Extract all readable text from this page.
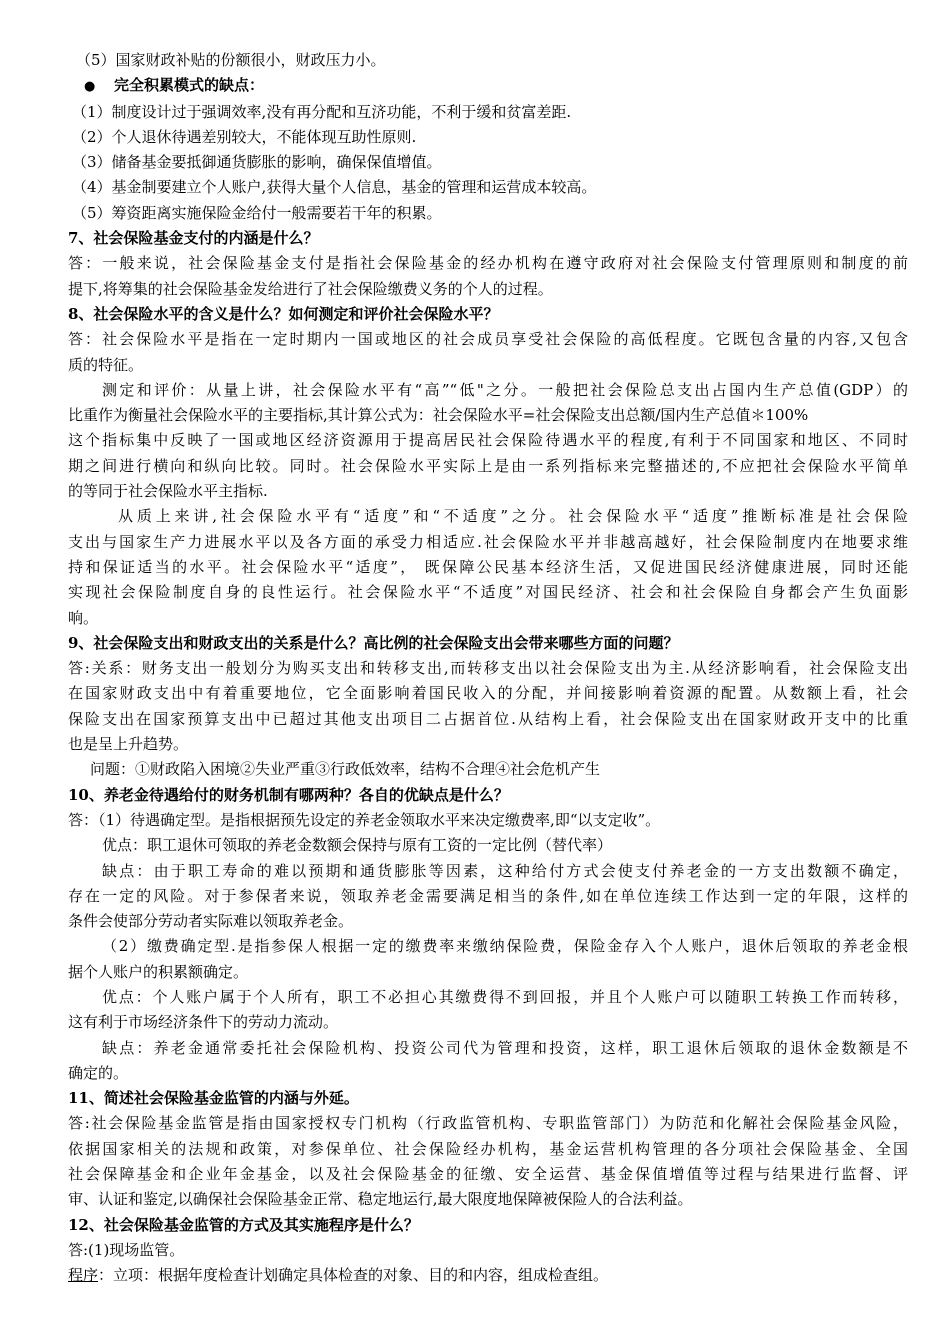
（5）国家财政补贴的份额很小，财政压力小。
● 完全积累模式的缺点：
（1）制度设计过于强调效率,没有再分配和互济功能，不利于缓和贫富差距.
（2）个人退休待遇差别较大，不能体现互助性原则.
（3）储备基金要抵御通货膨胀的影响，确保保值增值。
（4）基金制要建立个人账户,获得大量个人信息，基金的管理和运营成本较高。
（5）筹资距离实施保险金给付一般需要若干年的积累。
7、社会保险基金支付的内涵是什么？
答：一般来说，社会保险基金支付是指社会保险基金的经办机构在遵守政府对社会保险支付管理原则和制度的前
提下,将筹集的社会保险基金发给进行了社会保险缴费义务的个人的过程。
8、社会保险水平的含义是什么？如何测定和评价社会保险水平？
答：社会保险水平是指在一定时期内一国或地区的社会成员享受社会保险的高低程度。它既包含量的内容,又包含
质的特征。
测定和评价：从量上讲，社会保险水平有“高”“低"之分。一般把社会保险总支出占国内生产总值(GDP）的
比重作为衡量社会保险水平的主要指标,其计算公式为：社会保险水平=社会保险支出总额/国内生产总值＊100%
这个指标集中反映了一国或地区经济资源用于提高居民社会保险待遇水平的程度,有利于不同国家和地区、不同时
期之间进行横向和纵向比较。同时。社会保险水平实际上是由一系列指标来完整描述的,不应把社会保险水平简单
的等同于社会保险水平主指标.
从质上来讲,社会保险水平有“适度”和“不适度”之分。社会保险水平“适度”推断标准是社会保险
支出与国家生产力进展水平以及各方面的承受力相适应.社会保险水平并非越高越好，社会保险制度内在地要求维
持和保证适当的水平。社会保险水平“适度”， 既保障公民基本经济生活，又促进国民经济健康进展，同时还能
实现社会保险制度自身的良性运行。社会保险水平“不适度”对国民经济、社会和社会保险自身都会产生负面影
响。
9、社会保险支出和财政支出的关系是什么？高比例的社会保险支出会带来哪些方面的问题？
答:关系：财务支出一般划分为购买支出和转移支出,而转移支出以社会保险支出为主.从经济影响看，社会保险支出
在国家财政支出中有着重要地位，它全面影响着国民收入的分配，并间接影响着资源的配置。从数额上看，社会
保险支出在国家预算支出中已超过其他支出项目二占据首位.从结构上看，社会保险支出在国家财政开支中的比重
也是呈上升趋势。
问题：①财政陷入困境②失业严重③行政低效率，结构不合理④社会危机产生
10、养老金待遇给付的财务机制有哪两种？各自的优缺点是什么？
答：（1）待遇确定型。是指根据预先设定的养老金领取水平来决定缴费率,即“以支定收”。
优点：职工退休可领取的养老金数额会保持与原有工资的一定比例（替代率）
缺点：由于职工寿命的难以预期和通货膨胀等因素，这种给付方式会使支付养老金的一方支出数额不确定，
存在一定的风险。对于参保者来说，领取养老金需要满足相当的条件,如在单位连续工作达到一定的年限，这样的
条件会使部分劳动者实际难以领取养老金。
（2）缴费确定型.是指参保人根据一定的缴费率来缴纳保险费，保险金存入个人账户，退休后领取的养老金根
据个人账户的积累额确定。
优点：个人账户属于个人所有，职工不必担心其缴费得不到回报，并且个人账户可以随职工转换工作而转移，
这有利于市场经济条件下的劳动力流动。
缺点：养老金通常委托社会保险机构、投资公司代为管理和投资，这样，职工退休后领取的退休金数额是不
确定的。
11、简述社会保险基金监管的内涵与外延。
答:社会保险基金监管是指由国家授权专门机构（行政监管机构、专职监管部门）为防范和化解社会保险基金风险，
依据国家相关的法规和政策，对参保单位、社会保险经办机构，基金运营机构管理的各分项社会保险基金、全国
社会保障基金和企业年金基金，以及社会保险基金的征缴、安全运营、基金保值增值等过程与结果进行监督、评
审、认证和鉴定,以确保社会保险基金正常、稳定地运行,最大限度地保障被保险人的合法利益。
12、社会保险基金监管的方式及其实施程序是什么？
答:(1)现场监管。
程序：立项：根据年度检查计划确定具体检查的对象、目的和内容，组成检查组。
